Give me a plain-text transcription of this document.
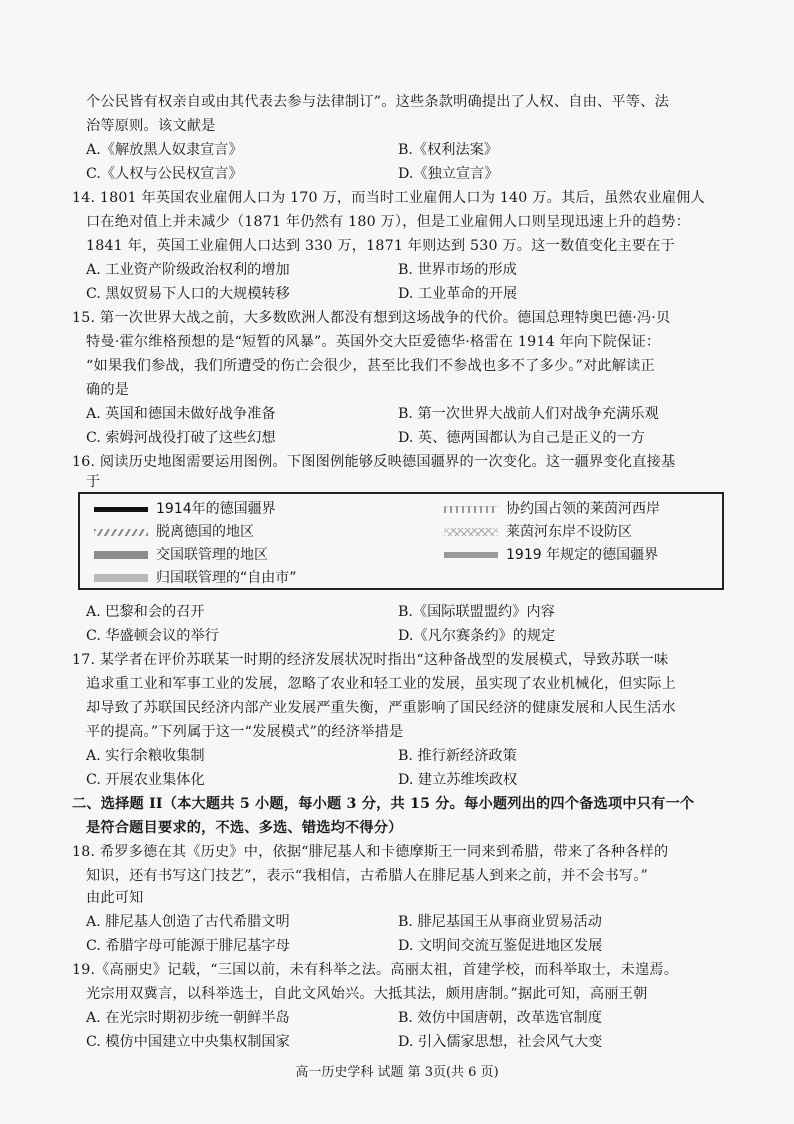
个公民皆有权亲自或由其代表去参与法律制订”。这些条款明确提出了人权、自由、平等、法
治等原则。该文献是
A.《解放黑人奴隶宣言》	B.《权利法案》
C.《人权与公民权宣言》	D.《独立宣言》
14. 1801 年英国农业雇佣人口为 170 万，而当时工业雇佣人口为 140 万。其后，虽然农业雇佣人
口在绝对值上并未减少（1871 年仍然有 180 万），但是工业雇佣人口则呈现迅速上升的趋势：
1841 年，英国工业雇佣人口达到 330 万，1871 年则达到 530 万。这一数值变化主要在于
A. 工业资产阶级政治权利的增加	B. 世界市场的形成
C. 黑奴贸易下人口的大规模转移	D. 工业革命的开展
15. 第一次世界大战之前，大多数欧洲人都没有想到这场战争的代价。德国总理特奥巴德·冯·贝
特曼·霍尔维格预想的是“短暂的风暴”。英国外交大臣爱德华·格雷在 1914 年向下院保证：
“如果我们参战，我们所遭受的伤亡会很少，甚至比我们不参战也多不了多少。”对此解读正
确的是
A. 英国和德国未做好战争准备	B. 第一次世界大战前人们对战争充满乐观
C. 索姆河战役打破了这些幻想	D. 英、德两国都认为自己是正义的一方
16. 阅读历史地图需要运用图例。下图图例能够反映德国疆界的一次变化。这一疆界变化直接基
于
1914年的德国疆界
脱离德国的地区
交国联管理的地区
归国联管理的“自由市”
协约国占领的莱茵河西岸
莱茵河东岸不设防区
1919 年规定的德国疆界
A. 巴黎和会的召开	B.《国际联盟盟约》内容
C. 华盛顿会议的举行	D.《凡尔赛条约》的规定
17. 某学者在评价苏联某一时期的经济发展状况时指出“这种备战型的发展模式，导致苏联一味
追求重工业和军事工业的发展，忽略了农业和轻工业的发展，虽实现了农业机械化，但实际上
却导致了苏联国民经济内部产业发展严重失衡，严重影响了国民经济的健康发展和人民生活水
平的提高。”下列属于这一“发展模式”的经济举措是
A. 实行余粮收集制	B. 推行新经济政策
C. 开展农业集体化	D. 建立苏维埃政权
二、选择题 II（本大题共 5 小题，每小题 3 分，共 15 分。每小题列出的四个备选项中只有一个
是符合题目要求的，不选、多选、错选均不得分）
18. 希罗多德在其《历史》中，依据“腓尼基人和卡德摩斯王一同来到希腊，带来了各种各样的
知识，还有书写这门技艺”，表示“我相信，古希腊人在腓尼基人到来之前，并不会书写。”
由此可知
A. 腓尼基人创造了古代希腊文明	B. 腓尼基国王从事商业贸易活动
C. 希腊字母可能源于腓尼基字母	D. 文明间交流互鉴促进地区发展
19.《高丽史》记载，“三国以前，未有科举之法。高丽太祖，首建学校，而科举取士，未遑焉。
光宗用双冀言，以科举选士，自此文风始兴。大抵其法，颇用唐制。”据此可知，高丽王朝
A. 在光宗时期初步统一朝鲜半岛	B. 效仿中国唐朝，改革选官制度
C. 模仿中国建立中央集权制国家	D. 引入儒家思想，社会风气大变
高一历史学科 试题 第 3页(共 6 页)
